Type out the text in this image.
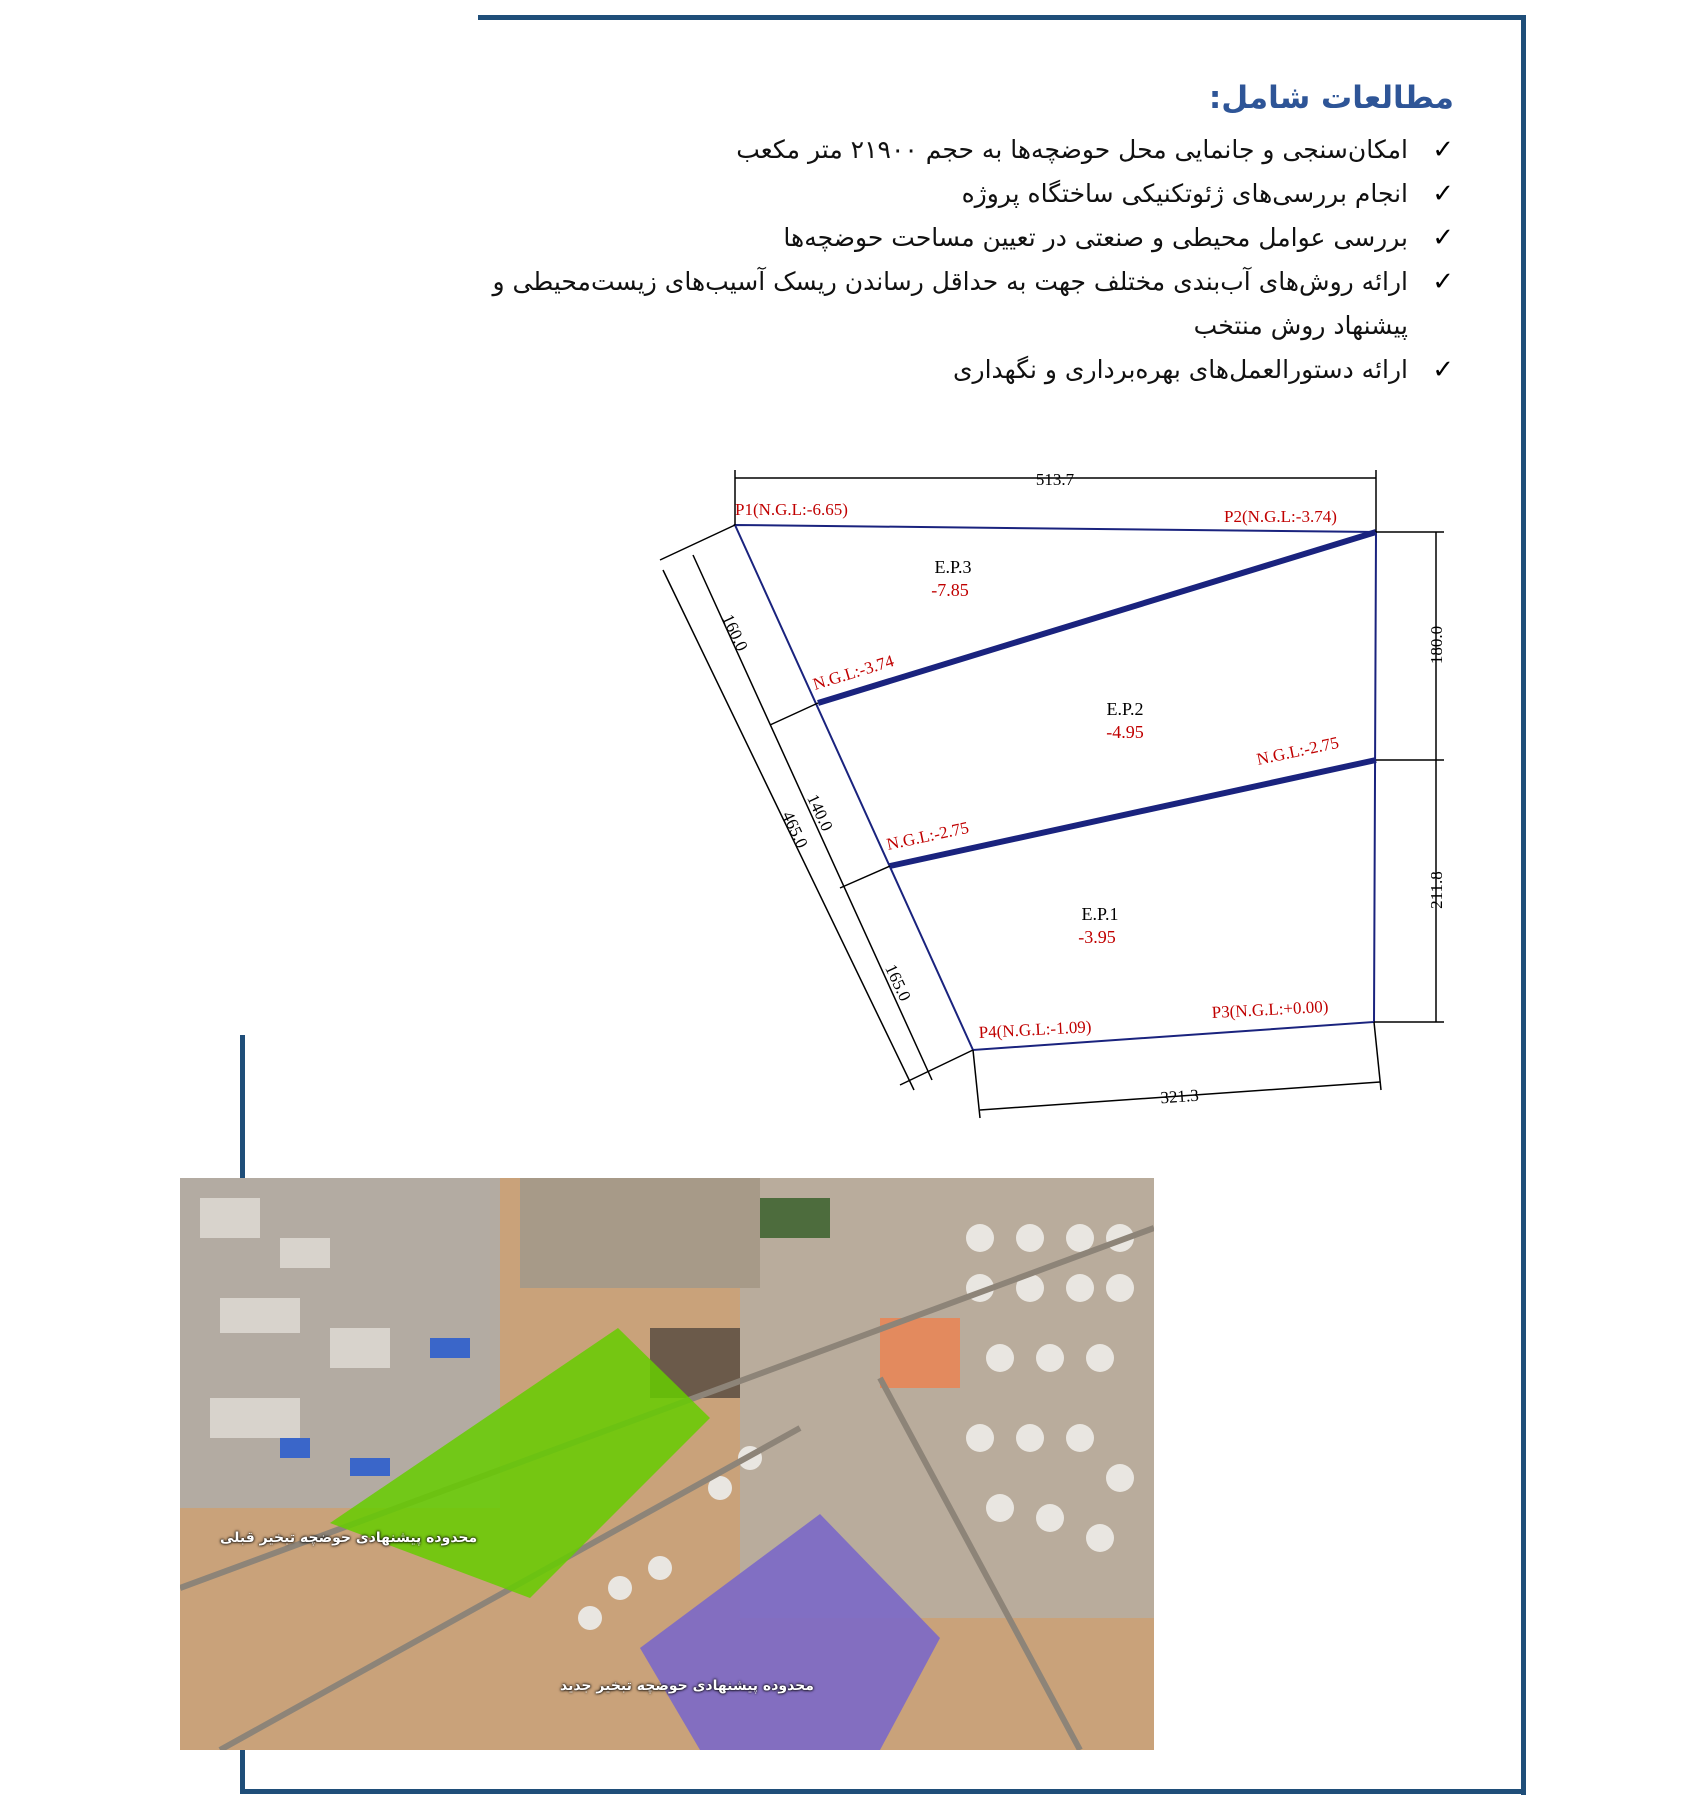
مطالعات شامل:
✓
امکان‌سنجی و جانمایی محل حوضچه‌ها به حجم ۲۱۹۰۰ متر مکعب
✓
انجام بررسی‌های ژئوتکنیکی ساختگاه پروژه
✓
بررسی عوامل محیطی و صنعتی در تعیین مساحت حوضچه‌ها
✓
ارائه روش‌های آب‌بندی مختلف جهت به حداقل رساندن ریسک آسیب‌های زیست‌محیطی و پیشنهاد روش منتخب
✓
ارائه دستورالعمل‌های بهره‌برداری و نگهداری
513.7
321.3
180.0
211.8
160.0
140.0
465.0
165.0
P1(N.G.L:-6.65)	P2(N.G.L:-3.74)
P3(N.G.L:+0.00)
P4(N.G.L:-1.09)
N.G.L:-3.74
N.G.L:-2.75
N.G.L:-2.75
E.P.3
-7.85
E.P.2
-4.95
E.P.1
-3.95
محدوده پیشنهادی حوضچه تبخیر قبلی
محدوده پیشنهادی حوضچه تبخیر جدید
